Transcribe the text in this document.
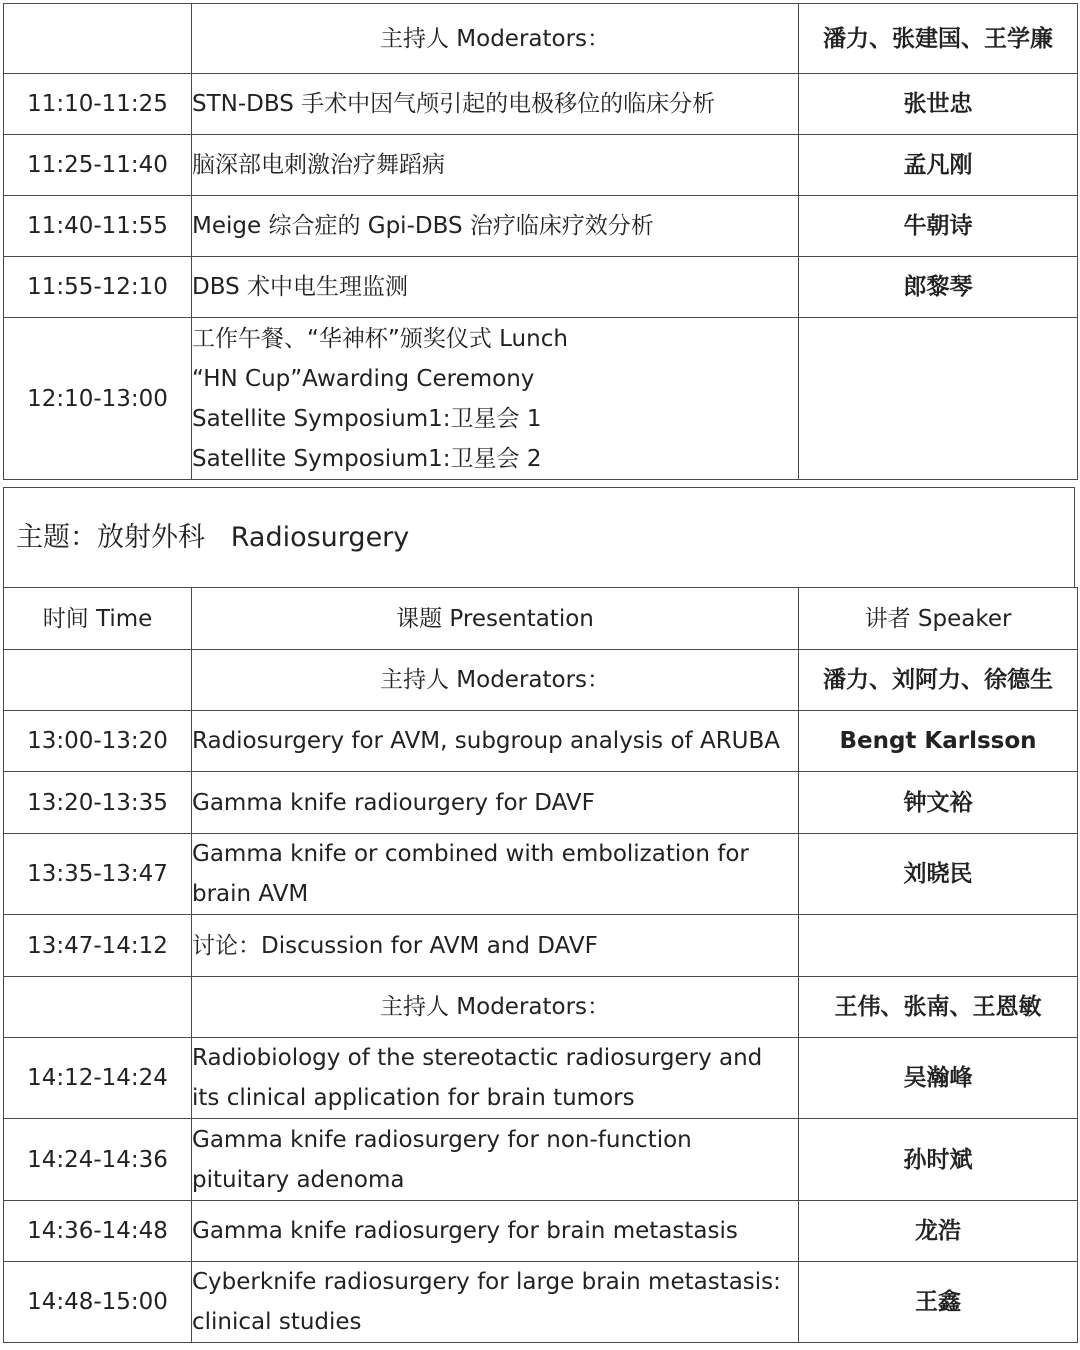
	主持人 Moderators：	潘力、张建国、王学廉
11:10-11:25	STN-DBS 手术中因气颅引起的电极移位的临床分析	张世忠
11:25-11:40	脑深部电刺激治疗舞蹈病	孟凡刚
11:40-11:55	Meige 综合症的 Gpi-DBS 治疗临床疗效分析	牛朝诗
11:55-12:10	DBS 术中电生理监测	郎黎琴
12:10-13:00	工作午餐、“华神杯”颁奖仪式 Lunch
“HN Cup”Awarding Ceremony
Satellite Symposium1:卫星会 1
Satellite Symposium1:卫星会 2	

主题：放射外科   Radiosurgery
时间 Time	课题 Presentation	讲者 Speaker
	主持人 Moderators：	潘力、刘阿力、徐德生
13:00-13:20	Radiosurgery for AVM, subgroup analysis of ARUBA	Bengt Karlsson
13:20-13:35	Gamma knife radiourgery for DAVF	钟文裕
13:35-13:47	Gamma knife or combined with embolization for
brain AVM	刘晓民
13:47-14:12	讨论：Discussion for AVM and DAVF	

	主持人 Moderators：	王伟、张南、王恩敏
14:12-14:24	Radiobiology of the stereotactic radiosurgery and
its clinical application for brain tumors	吴瀚峰
14:24-14:36	Gamma knife radiosurgery for non-function
pituitary adenoma	孙时斌
14:36-14:48	Gamma knife radiosurgery for brain metastasis	龙浩
14:48-15:00	Cyberknife radiosurgery for large brain metastasis:
clinical studies	王鑫
